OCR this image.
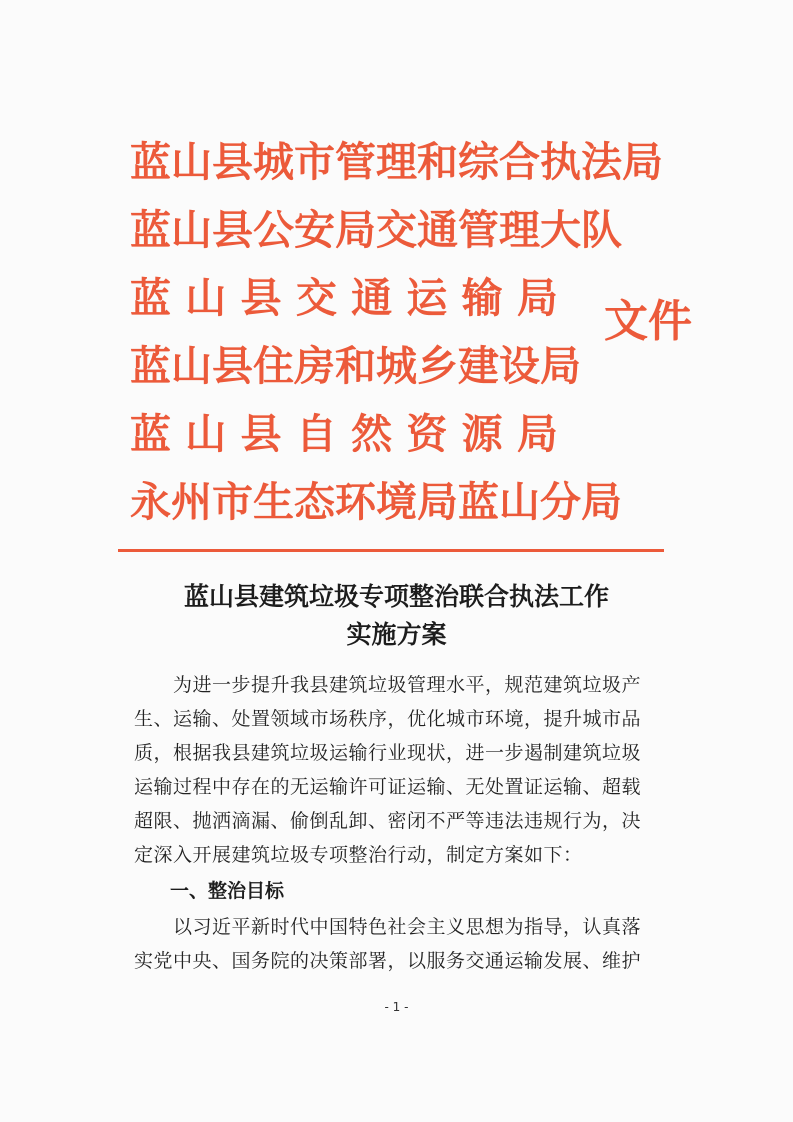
蓝山县城市管理和综合执法局
蓝山县公安局交通管理大队
蓝 山 县 交 通 运 输 局
蓝山县住房和城乡建设局
蓝 山 县 自 然 资 源 局
永州市生态环境局蓝山分局
文件
蓝山县建筑垃圾专项整治联合执法工作
实施方案
　　为进一步提升我县建筑垃圾管理水平，规范建筑垃圾产
生、运输、处置领域市场秩序，优化城市环境，提升城市品
质，根据我县建筑垃圾运输行业现状，进一步遏制建筑垃圾
运输过程中存在的无运输许可证运输、无处置证运输、超载
超限、抛洒滴漏、偷倒乱卸、密闭不严等违法违规行为，决
定深入开展建筑垃圾专项整治行动，制定方案如下：
一、整治目标
　　以习近平新时代中国特色社会主义思想为指导，认真落
实党中央、国务院的决策部署，以服务交通运输发展、维护
- 1 -
